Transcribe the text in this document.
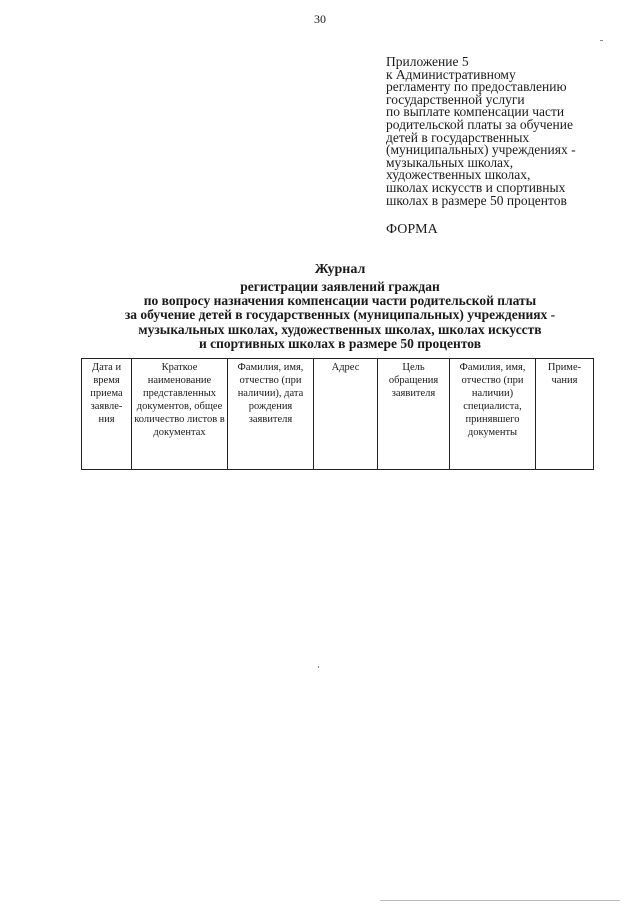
30
Приложение 5
к Административному
регламенту по предоставлению
государственной услуги
по выплате компенсации части
родительской платы за обучение
детей в государственных
(муниципальных) учреждениях -
музыкальных школах,
художественных школах,
школах искусств и спортивных
школах в размере 50 процентов
ФОРМА
Журнал
регистрации заявлений граждан
по вопросу назначения компенсации части родительской платы
за обучение детей в государственных (муниципальных) учреждениях -
музыкальных школах, художественных школах, школах искусств
и спортивных школах в размере 50 процентов
Дата и время приема заявле-ния	Краткое наименование представленных документов, общее количество листов в документах	Фамилия, имя, отчество (при наличии), дата рождения заявителя	Адрес	Цель обращения заявителя	Фамилия, имя, отчество (при наличии) специалиста, принявшего документы	Приме-чания
